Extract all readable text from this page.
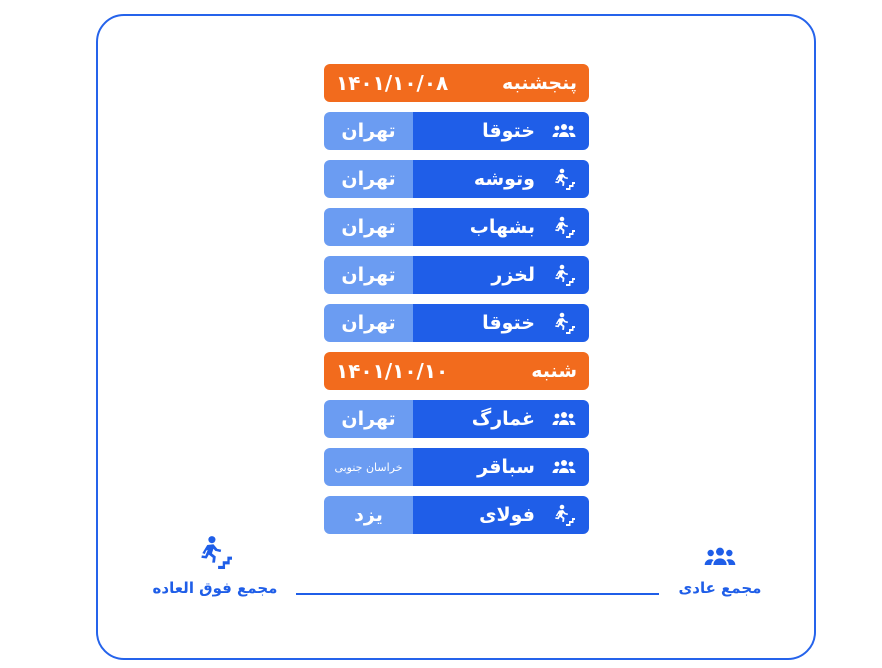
پنجشنبه
۱۴۰۱/۱۰/۰۸
ختوقا
تهران
وتوشه
تهران
بشهاب
تهران
لخزر
تهران
ختوقا
تهران
شنبه
۱۴۰۱/۱۰/۱۰
غمارگ
تهران
سباقر
خراسان جنوبی
فولای
یزد
مجمع عادی
مجمع فوق العاده
